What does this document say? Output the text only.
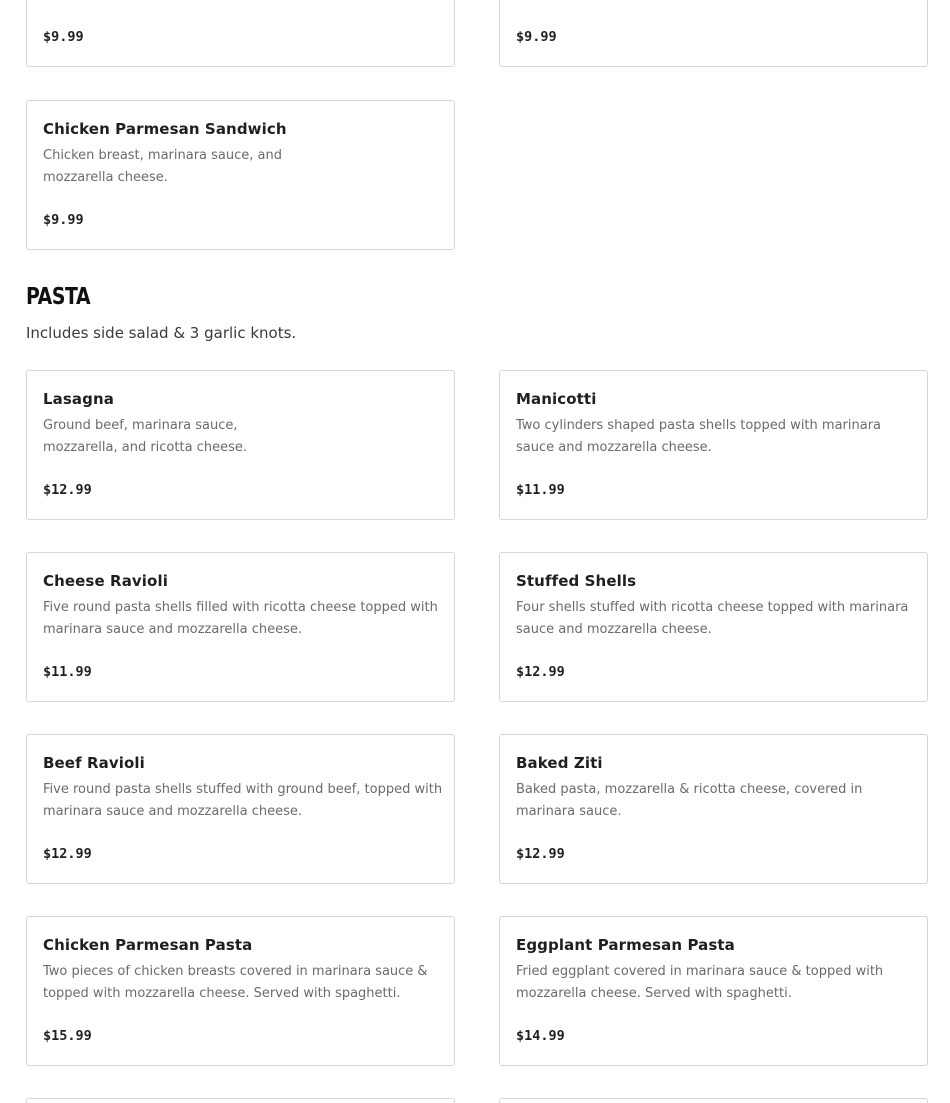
$9.99	$9.99
Chicken Parmesan Sandwich
Chicken breast, marinara sauce, and mozzarella cheese.
$9.99
PASTA

Includes side salad & 3 garlic knots.

Lasagna
Ground beef, marinara sauce, mozzarella, and ricotta cheese.
$12.99
Manicotti
Two cylinders shaped pasta shells topped with marinara sauce and mozzarella cheese.
$11.99
Cheese Ravioli
Five round pasta shells filled with ricotta cheese topped with marinara sauce and mozzarella cheese.
$11.99
Stuffed Shells
Four shells stuffed with ricotta cheese topped with marinara sauce and mozzarella cheese.
$12.99
Beef Ravioli
Five round pasta shells stuffed with ground beef, topped with marinara sauce and mozzarella cheese.
$12.99
Baked Ziti
Baked pasta, mozzarella & ricotta cheese, covered in marinara sauce.
$12.99
Chicken Parmesan Pasta
Two pieces of chicken breasts covered in marinara sauce & topped with mozzarella cheese. Served with spaghetti.
$15.99
Eggplant Parmesan Pasta
Fried eggplant covered in marinara sauce & topped with mozzarella cheese. Served with spaghetti.
$14.99
